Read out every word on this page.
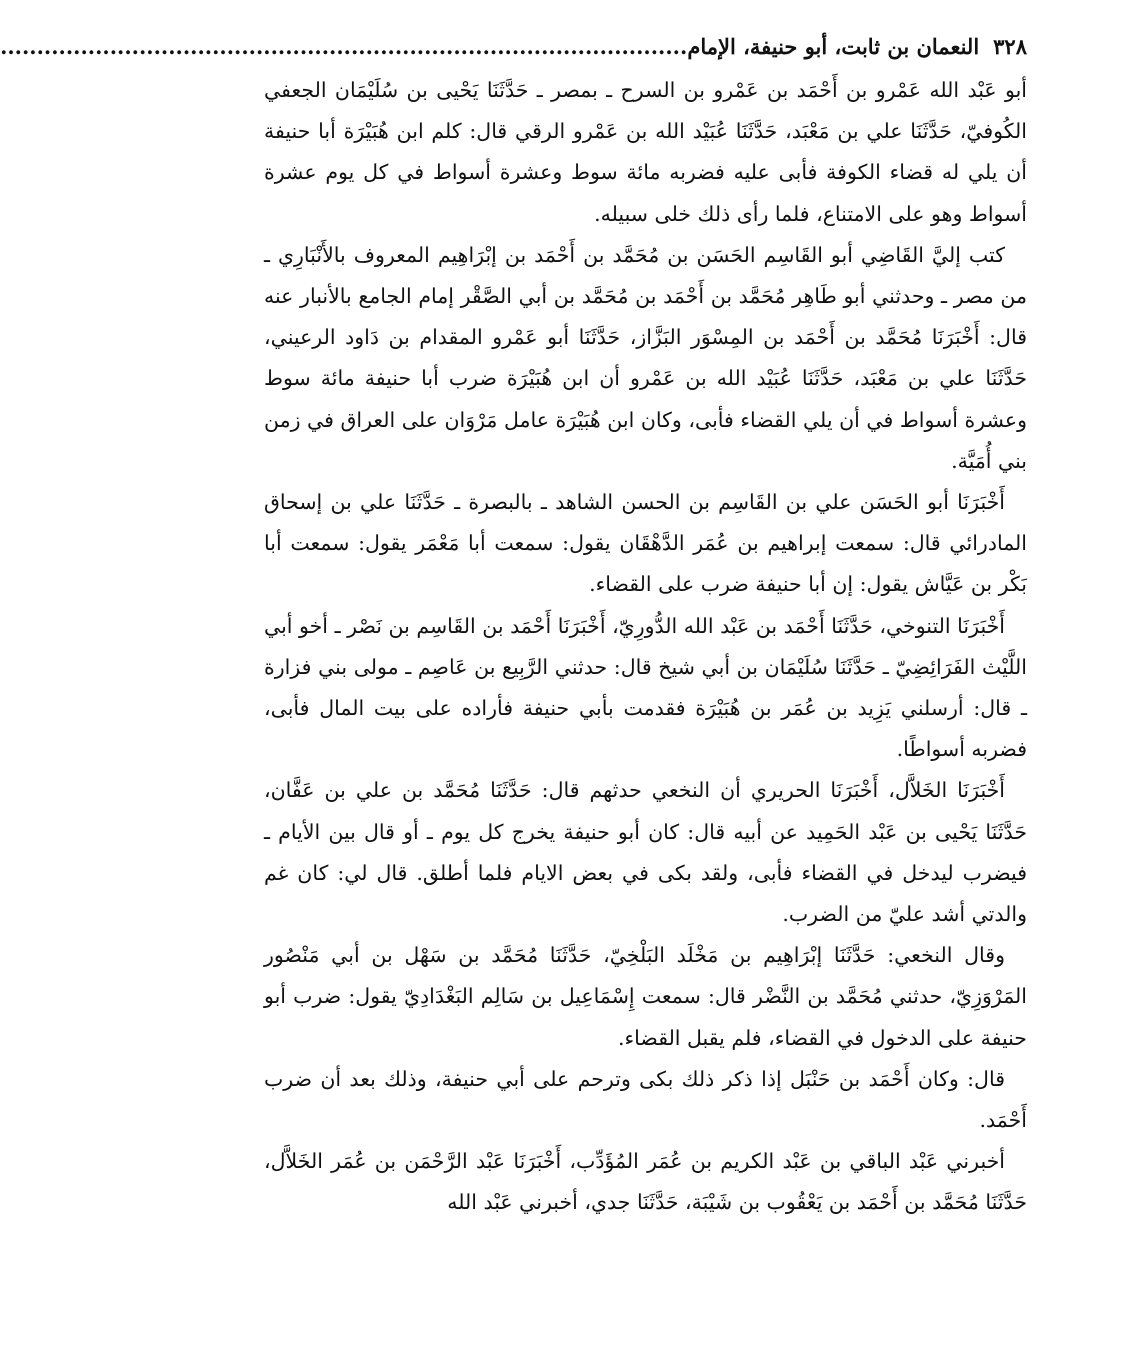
٣٢٨
النعمان بن ثابت، أبو حنيفة، الإمام..............................................................................................

أبو عَبْد الله عَمْرو بن أَحْمَد بن عَمْرو بن السرح ـ بمصر ـ حَدَّثَنَا يَحْيى بن سُلَيْمَان الجعفي الكُوفيّ، حَدَّثَنَا علي بن مَعْبَد، حَدَّثَنَا عُبَيْد الله بن عَمْرو الرقي قال: كلم ابن هُبَيْرَة أبا حنيفة أن يلي له قضاء الكوفة فأبى عليه فضربه مائة سوط وعشرة أسواط في كل يوم عشرة أسواط وهو على الامتناع، فلما رأى ذلك خلى سبيله.

كتب إليَّ القَاضِي أبو القَاسِم الحَسَن بن مُحَمَّد بن أَحْمَد بن إبْرَاهِيم المعروف بالأَنْبَارِي ـ من مصر ـ وحدثني أبو طَاهِر مُحَمَّد بن أَحْمَد بن مُحَمَّد بن أبي الصَّقْر إمام الجامع بالأنبار عنه قال: أَخْبَرَنَا مُحَمَّد بن أَحْمَد بن المِسْوَر البَزَّاز، حَدَّثَنَا أبو عَمْرو المقدام بن دَاود الرعيني، حَدَّثَنَا علي بن مَعْبَد، حَدَّثَنَا عُبَيْد الله بن عَمْرو أن ابن هُبَيْرَة ضرب أبا حنيفة مائة سوط وعشرة أسواط في أن يلي القضاء فأبى، وكان ابن هُبَيْرَة عامل مَرْوَان على العراق في زمن بني أُمَيَّة.

أَخْبَرَنَا أبو الحَسَن علي بن القَاسِم بن الحسن الشاهد ـ بالبصرة ـ حَدَّثَنَا علي بن إسحاق المادرائي قال: سمعت إبراهيم بن عُمَر الدَّهْقَان يقول: سمعت أبا مَعْمَر يقول: سمعت أبا بَكْر بن عَيَّاش يقول: إن أبا حنيفة ضرب على القضاء.

أَخْبَرَنَا التنوخي، حَدَّثَنَا أَحْمَد بن عَبْد الله الدُّورِيّ، أَخْبَرَنَا أَحْمَد بن القَاسِم بن نَصْر ـ أخو أبي اللَّيْث الفَرَائِضِيّ ـ حَدَّثَنَا سُلَيْمَان بن أبي شيخ قال: حدثني الرَّبِيع بن عَاصِم ـ مولى بني فزارة ـ قال: أرسلني يَزِيد بن عُمَر بن هُبَيْرَة فقدمت بأبي حنيفة فأراده على بيت المال فأبى، فضربه أسواطًا.

أَخْبَرَنَا الخَلاَّل، أَخْبَرَنَا الحريري أن النخعي حدثهم قال: حَدَّثَنَا مُحَمَّد بن علي بن عَفَّان، حَدَّثَنَا يَحْيى بن عَبْد الحَمِيد عن أبيه قال: كان أبو حنيفة يخرج كل يوم ـ أو قال بين الأيام ـ فيضرب ليدخل في القضاء فأبى، ولقد بكى في بعض الايام فلما أطلق. قال لي: كان غم والدتي أشد عليّ من الضرب.

وقال النخعي: حَدَّثَنَا إبْرَاهِيم بن مَخْلَد البَلْخِيّ، حَدَّثَنَا مُحَمَّد بن سَهْل بن أبي مَنْصُور المَرْوَزِيّ، حدثني مُحَمَّد بن النَّضْر قال: سمعت إِسْمَاعِيل بن سَالِم البَغْدَادِيّ يقول: ضرب أبو حنيفة على الدخول في القضاء، فلم يقبل القضاء.

قال: وكان أَحْمَد بن حَنْبَل إذا ذكر ذلك بكى وترحم على أبي حنيفة، وذلك بعد أن ضرب أَحْمَد.

أخبرني عَبْد الباقي بن عَبْد الكريم بن عُمَر المُؤَدِّب، أَخْبَرَنَا عَبْد الرَّحْمَن بن عُمَر الخَلاَّل، حَدَّثَنَا مُحَمَّد بن أَحْمَد بن يَعْقُوب بن شَيْبَة، حَدَّثَنَا جدي، أخبرني عَبْد الله
